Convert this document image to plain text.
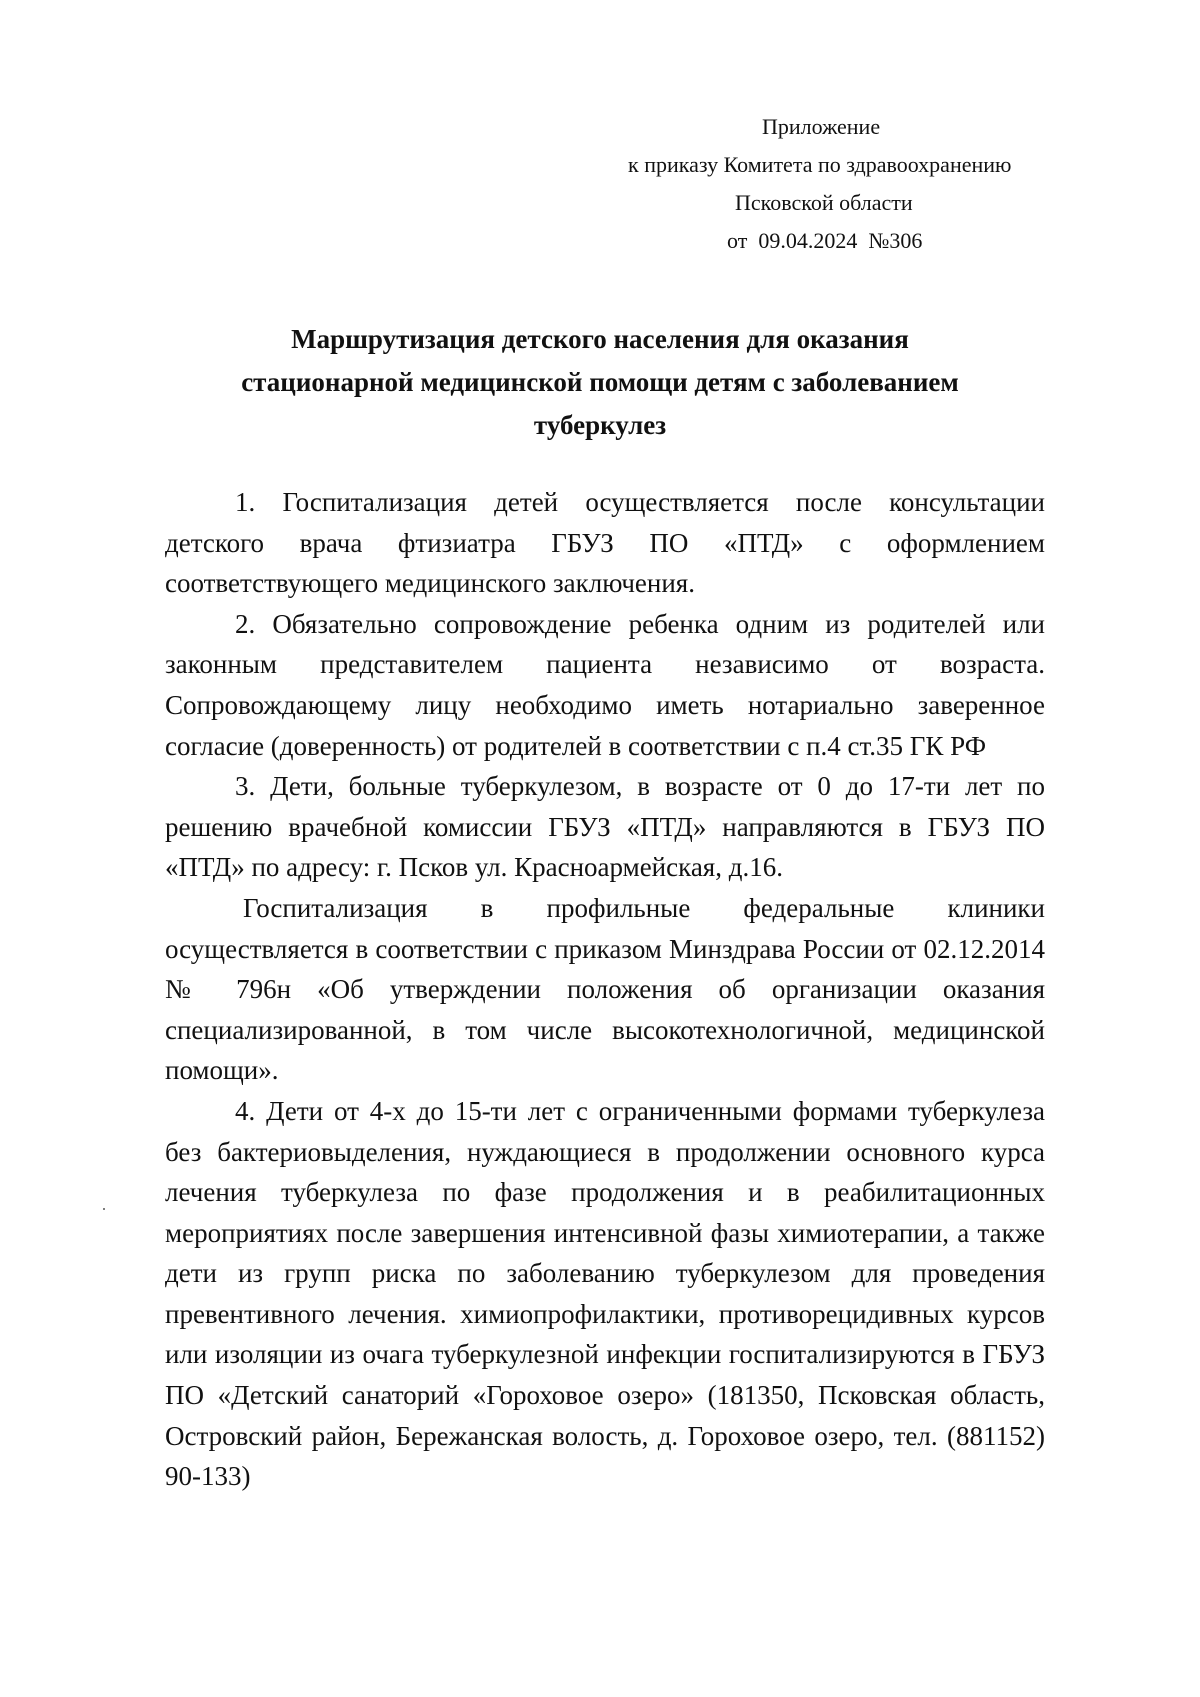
Приложение
к приказу Комитета по здравоохранению
Псковской области
от  09.04.2024  №306
Маршрутизация детского населения для оказания
стационарной медицинской помощи детям с заболеванием
туберкулез

1. Госпитализация детей осуществляется после консультации детского врача фтизиатра ГБУЗ ПО «ПТД» с оформлением соответствующего медицинского заключения.

2. Обязательно сопровождение ребенка одним из родителей или законным представителем пациента независимо от возраста. Сопровождающему лицу необходимо иметь нотариально заверенное согласие (доверенность) от родителей в соответствии с п.4 ст.35 ГК РФ

3. Дети, больные туберкулезом, в возрасте от 0 до 17-ти лет по решению врачебной комиссии ГБУЗ «ПТД» направляются в ГБУЗ ПО «ПТД» по адресу: г. Псков ул. Красноармейская, д.16.

Госпитализация в профильные федеральные клиники осуществляется в соответствии с приказом Минздрава России от 02.12.2014 № 796н «Об утверждении положения об организации оказания специализированной, в том числе высокотехнологичной, медицинской помощи».

4. Дети от 4-х до 15-ти лет с ограниченными формами туберкулеза без бактериовыделения, нуждающиеся в продолжении основного курса лечения туберкулеза по фазе продолжения и в реабилитационных мероприятиях после завершения интенсивной фазы химиотерапии, а также дети из групп риска по заболеванию туберкулезом для проведения превентивного лечения. химиопрофилактики, противорецидивных курсов или изоляции из очага туберкулезной инфекции госпитализируются в ГБУЗ ПО «Детский санаторий «Гороховое озеро» (181350, Псковская область, Островский район, Бережанская волость, д. Гороховое озеро, тел. (881152) 90-133)
